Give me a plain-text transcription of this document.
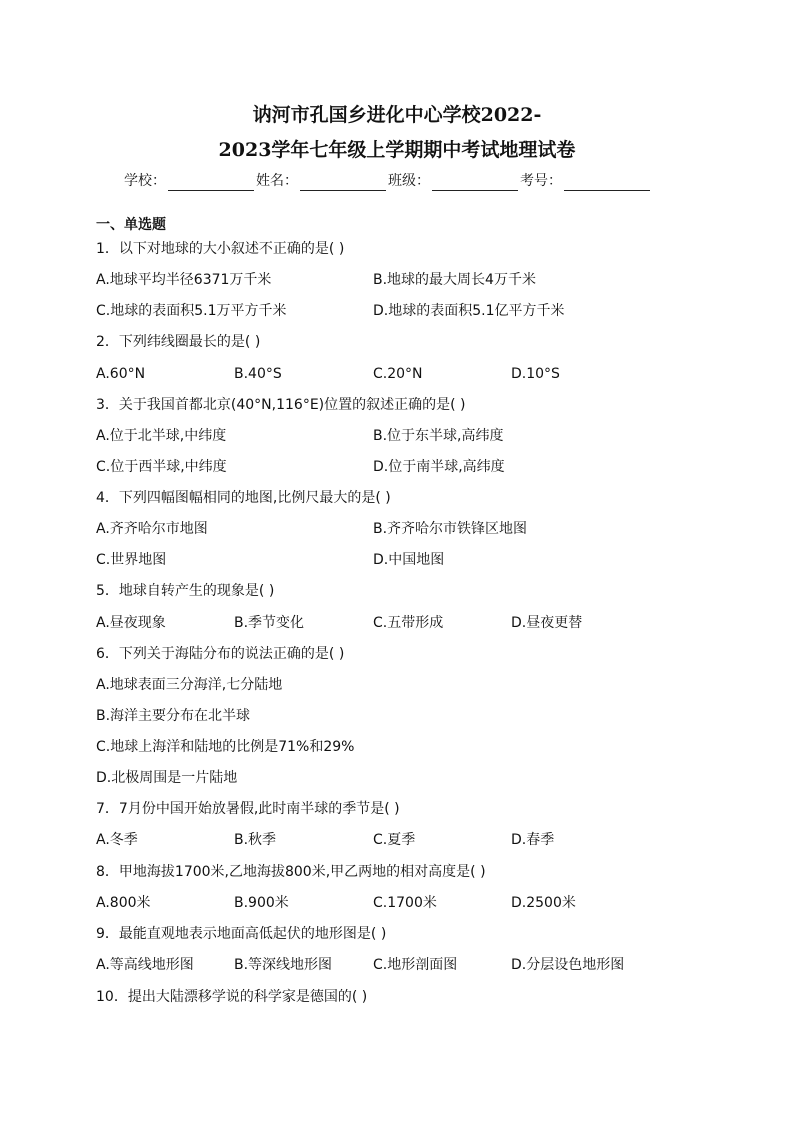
讷河市孔国乡进化中心学校2022-
2023学年七年级上学期期中考试地理试卷
学校：	姓名：	班级：	考号：
一、单选题
1．以下对地球的大小叙述不正确的是( )
A.地球平均半径6371万千米	B.地球的最大周长4万千米
C.地球的表面积5.1万平方千米	D.地球的表面积5.1亿平方千米
2．下列纬线圈最长的是( )
A.60°N	B.40°S	C.20°N	D.10°S
3．关于我国首都北京(40°N,116°E)位置的叙述正确的是( )
A.位于北半球,中纬度	B.位于东半球,高纬度
C.位于西半球,中纬度	D.位于南半球,高纬度
4．下列四幅图幅相同的地图,比例尺最大的是( )
A.齐齐哈尔市地图	B.齐齐哈尔市铁锋区地图
C.世界地图	D.中国地图
5．地球自转产生的现象是( )
A.昼夜现象	B.季节变化	C.五带形成	D.昼夜更替
6．下列关于海陆分布的说法正确的是( )
A.地球表面三分海洋,七分陆地
B.海洋主要分布在北半球
C.地球上海洋和陆地的比例是71%和29%
D.北极周围是一片陆地
7．7月份中国开始放暑假,此时南半球的季节是( )
A.冬季	B.秋季	C.夏季	D.春季
8．甲地海拔1700米,乙地海拔800米,甲乙两地的相对高度是( )
A.800米	B.900米	C.1700米	D.2500米
9．最能直观地表示地面高低起伏的地形图是( )
A.等高线地形图	B.等深线地形图	C.地形剖面图	D.分层设色地形图
10．提出大陆漂移学说的科学家是德国的( )
